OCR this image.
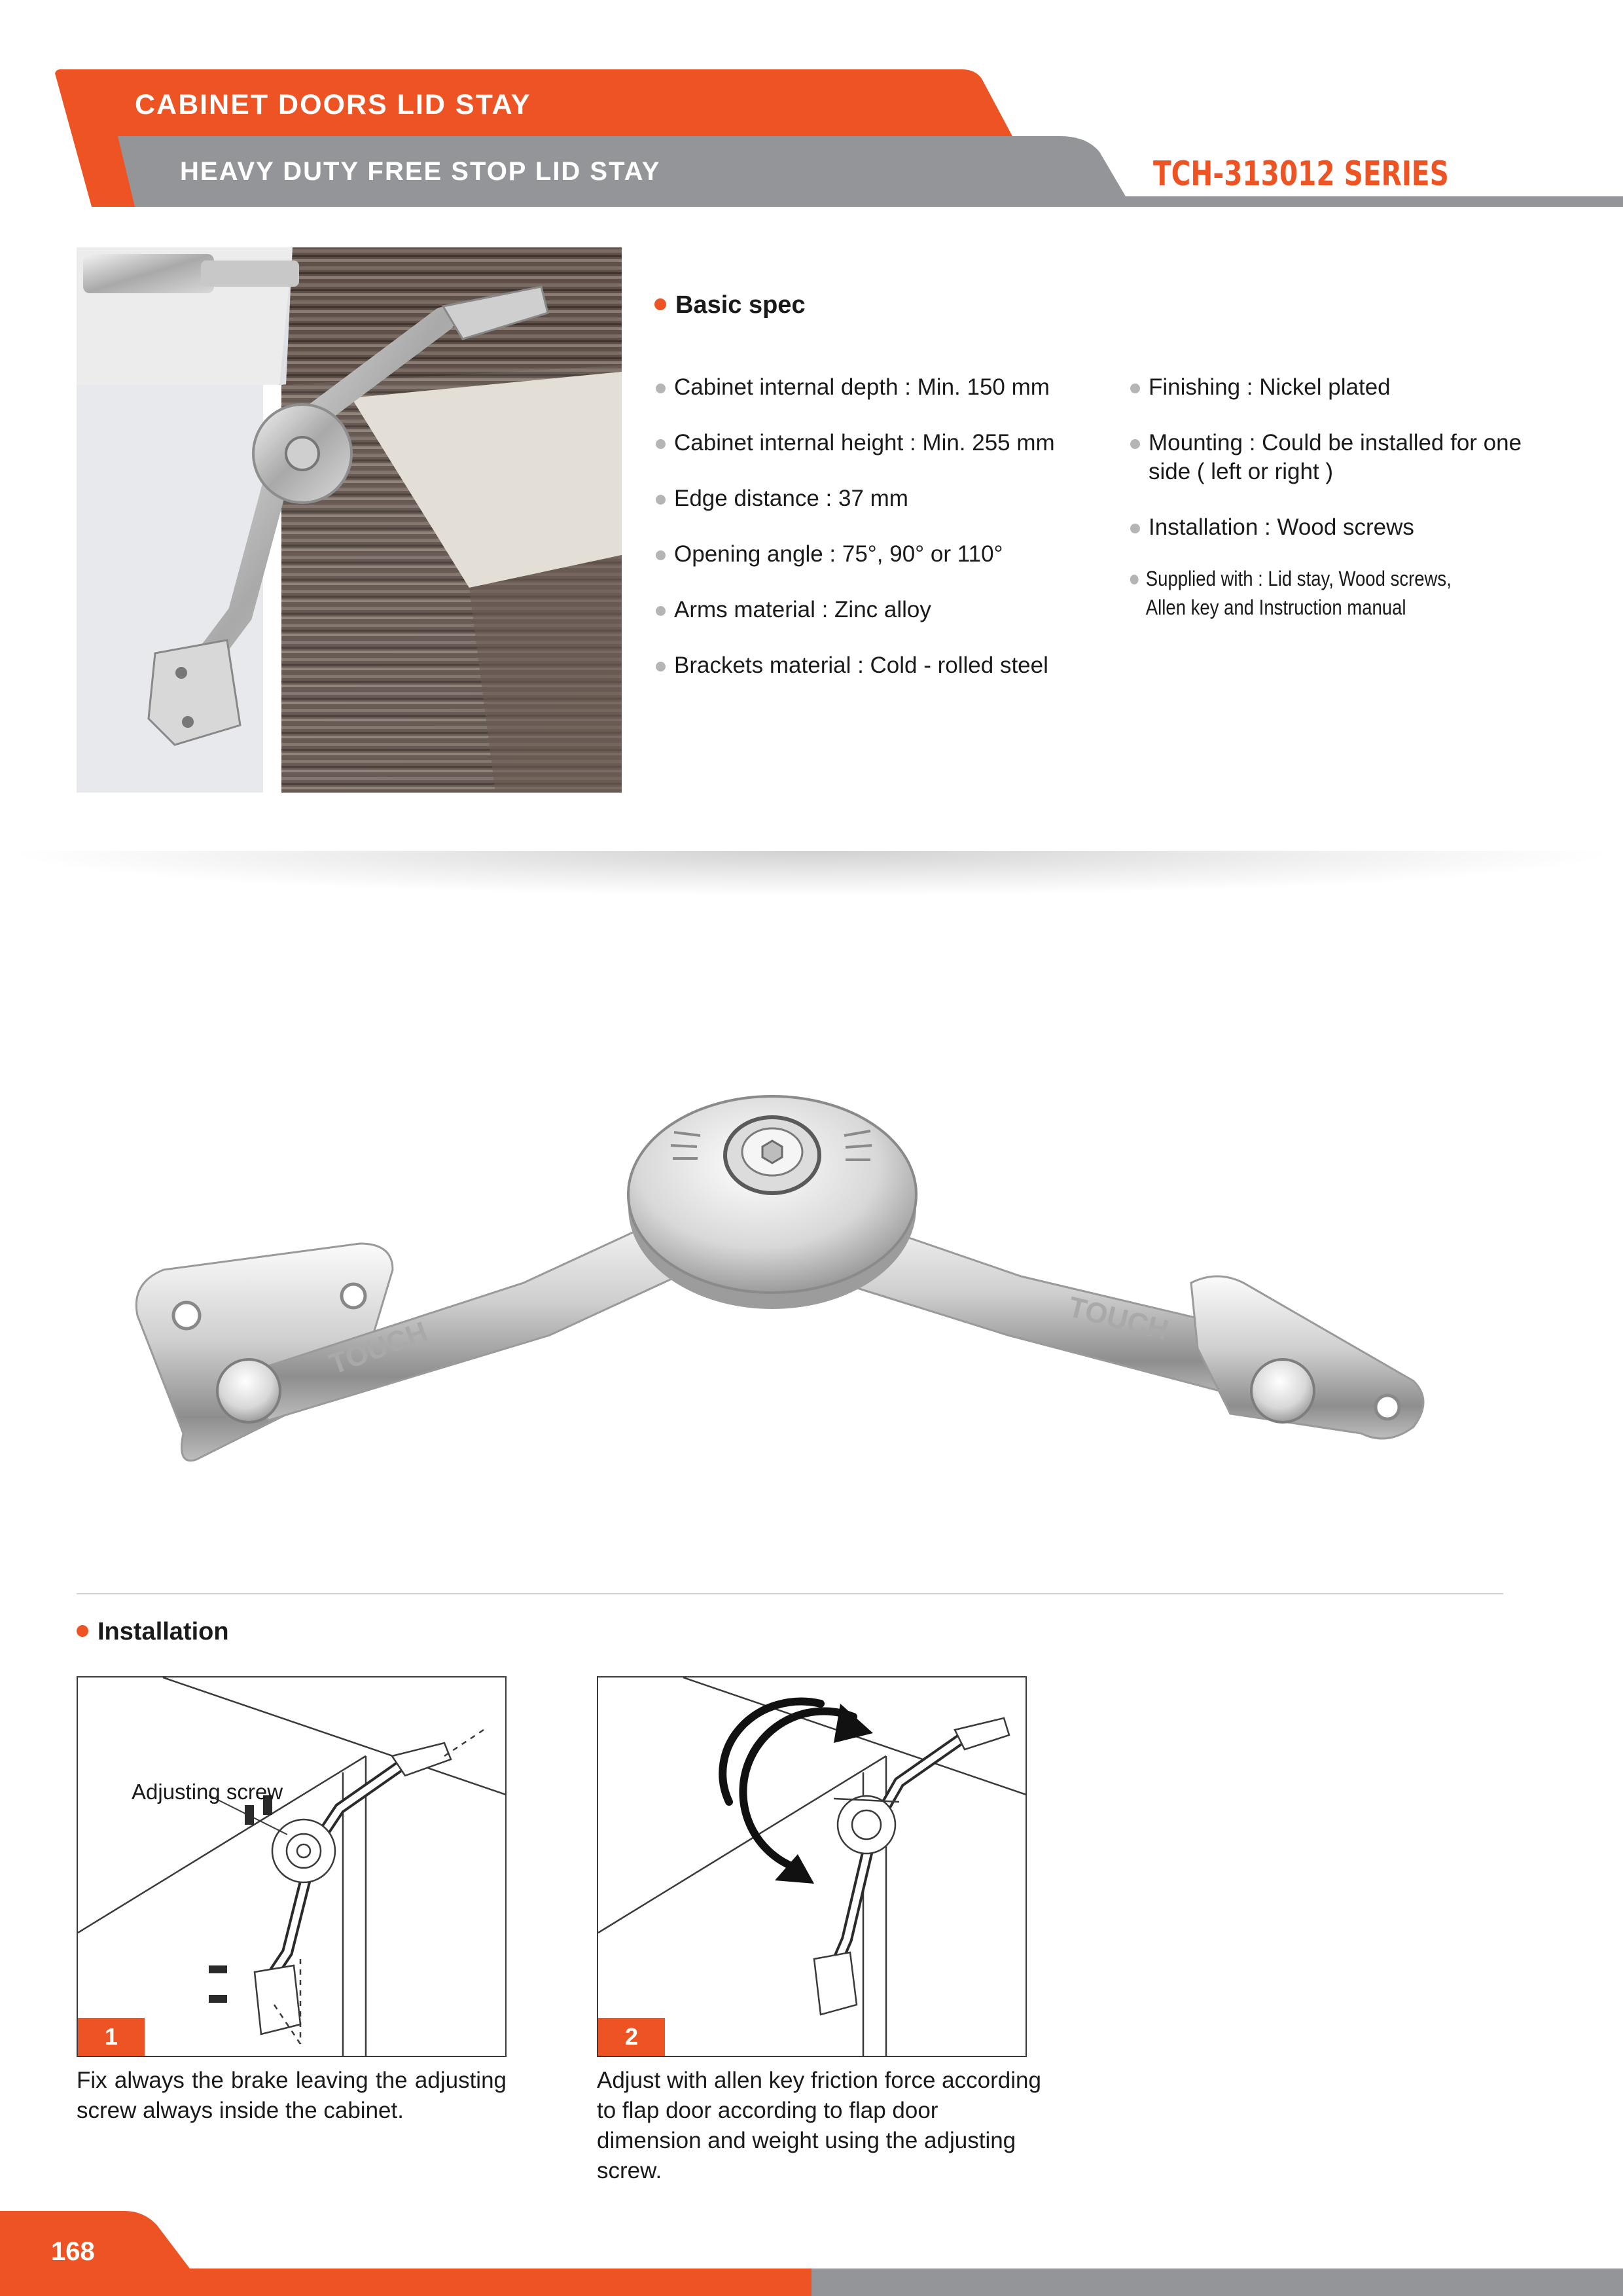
CABINET DOORS LID STAY
HEAVY DUTY FREE STOP LID STAY	TCH-313012 SERIES
Basic spec
Cabinet internal depth : Min. 150 mm
Cabinet internal height : Min. 255 mm
Edge distance : 37 mm
Opening angle : 75°, 90° or 110°
Arms material : Zinc alloy
Brackets material : Cold - rolled steel
Finishing : Nickel plated
Mounting : Could be installed for one side ( left or right )
Installation : Wood screws
Supplied with : Lid stay, Wood screws, Allen key and Instruction manual
TOUCH	TOUCH
Installation
Adjusting screw
1
Fix always the brake leaving the adjusting screw always inside the cabinet.
2
Adjust with allen key friction force according to flap door according to flap door dimension and weight using the adjusting screw.
168
